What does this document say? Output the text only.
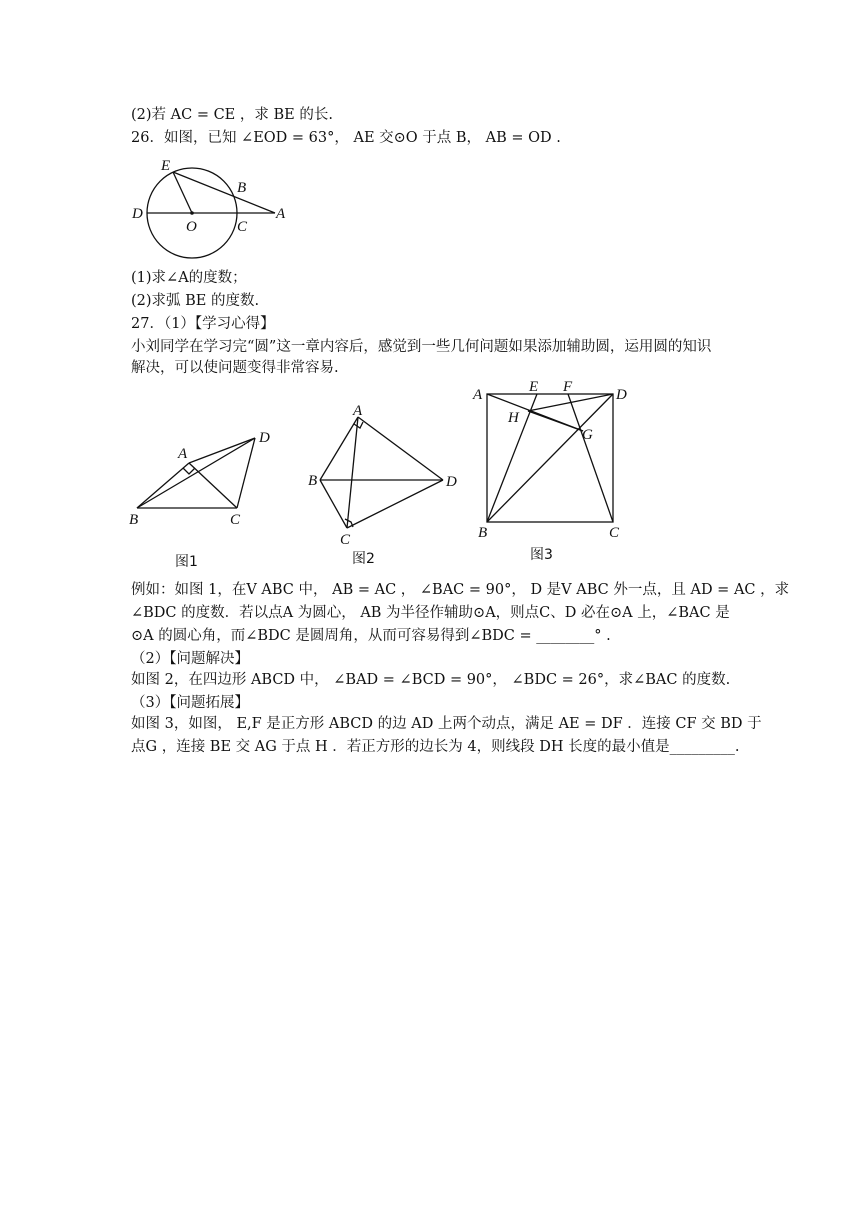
(2)若 AC = CE ，求 BE 的长.
26．如图，已知 ∠EOD = 63°， AE 交⊙O 于点 B， AB = OD .
E
B
D
O	C
A
(1)求∠A的度数；
(2)求弧 BE 的度数.
27．（1）【学习心得】
小刘同学在学习完“圆”这一章内容后，感觉到一些几何问题如果添加辅助圆，运用圆的知识
解决，可以使问题变得非常容易.
A
D
B	C
图1
A
B	D
C
图2
A	E F	D
H
G
B	C
图3
例如：如图 1，在V ABC 中， AB = AC ， ∠BAC = 90°， D 是V ABC 外一点，且 AD = AC ，求
∠BDC 的度数．若以点A 为圆心， AB 为半径作辅助⊙A，则点C、D 必在⊙A 上，∠BAC 是
⊙A 的圆心角，而∠BDC 是圆周角，从而可容易得到∠BDC = ________° .
（2）【问题解决】
如图 2，在四边形 ABCD 中， ∠BAD = ∠BCD = 90°， ∠BDC = 26°，求∠BAC 的度数.
（3）【问题拓展】
如图 3，如图， E,F 是正方形 ABCD 的边 AD 上两个动点，满足 AE = DF ．连接 CF 交 BD 于
点G ，连接 BE 交 AG 于点 H ．若正方形的边长为 4，则线段 DH 长度的最小值是_________.
